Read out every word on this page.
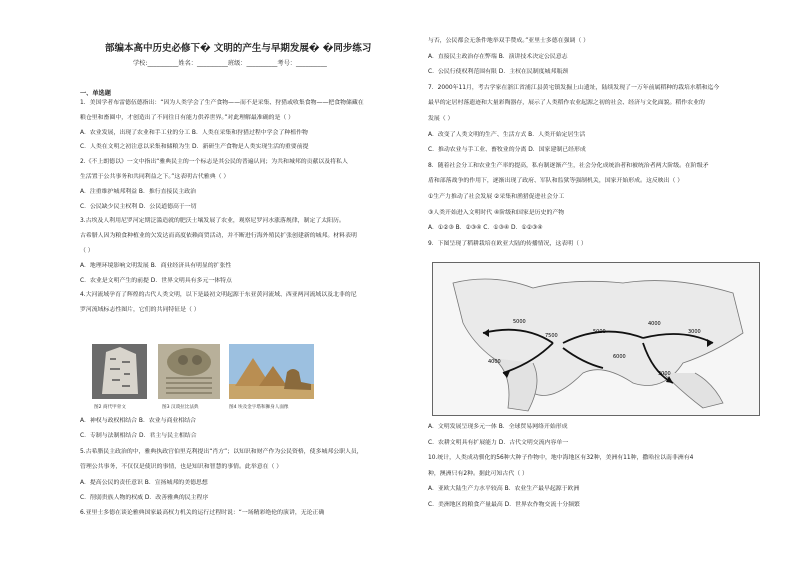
部编本高中历史必修下� 文明的产生与早期发展� �同步练习
学校:__________姓名：__________班级：__________考号：__________
一、单选题
1．美国学者布雷德伍德指出：“因为人类学会了生产食物——而不是采集、狩猎或收集食物——把食物储藏在
粮仓里和畜圈中，才创造出了不同往日有能力供养世界。”对此理解最准确的是（ ）
A．农业发展，出现了农业和手工业的分工 B．人类在采集和狩猎过程中学会了种植作物
C．人类在文明之初注意以采集和储粮为生 D．新研生产食物是人类实现生活的重要前提
2.《不上朗德以》一文中指出“雅典民主的一个标志是其公民的普遍认同；为共和城邦的贡献以及将私人
生活置于公共事务和共同利益之下。”这表明古代雅典（ ）
A．注重维护城邦利益 B．推行直接民主政治
C．公民缺少民主权利 D．公民道德高于一切
3.古埃及人利用尼罗河定期泛滥造就的肥沃土壤发展了农业，观察尼罗河水涨落规律，制定了太阳历。
古希腊人因为粮食种植业的欠发达而高度依赖商贸活动，并不断进行海外殖民扩张创建新的城邦。材料表明
（ ）
A．地理环境影响文明发展 B．商业经济具有明显的扩张性
C．农业是文明产生的前提 D．世界文明具有多元一体特点
4.大河流域孕育了辉煌的古代人类文明，以下是最初文明起源于东亚黄河流域、西亚两河流域以及北非的尼
罗河流域标志性图片，它们的共同特征是（ ）
图2 商代甲骨文	图3 汉谟拉比法典	图4 埃及金字塔和狮身人面像
A．神权与政权相结合 B．农业与商业相结合
C．专制与法制相结合 D．君主与民主相结合
5.古希腊民主政治的中，雅典执政官伯里克利提出“肖方”；以知识和财产作为公民资格，使多城邦公职人员，
管理公共事务，不仅仅是使识的事情，也是知识和智慧的事情。此举意在（ ）
A．提高公民的责任意识 B．宣扬城邦的美德思想
C．削弱贵族人物的权威 D．改善雅典的民主程序
6.亚里士多德在谈论雅典国家最高权力机关的运行过程时说：“一场精彩绝伦的演讲，无论正确
与否，公民都会无条件地举双手赞成。”亚里士多德在强调（ ）
A．直接民主政治存在弊端 B．演讲技术决定公民意志
C．公民行使权利范围有限 D．主权在民制度城邦瓶颈
7．2000年11月，考古学家在浙江省浦江县黄宅镇发掘上山遗址，陆续发现了一万年前属稻种的栽培水稻和迄今
最早的定居村落遗迹和大量彩陶器存，展示了人类稻作农业起源之初的社会、经济与文化面貌。稻作农业的
发展（ ）
A．改变了人类文明的生产、生活方式 B．人类开始定居生活
C．推动农业与手工业、畜牧业的分离 D．国家建制已经形成
8．随着社会分工和农业生产率的提高，私有制逐渐产生，社会分化成统治者和被统治者两大阶级。在阶级矛
盾和部落战争的作用下，逐渐出现了政府、军队和监狱等强制机关，国家开始形成。这反映出（ ）
①生产力推动了社会发展 ②采集和渔猎促进社会分工
③人类开始进入文明时代 ④阶级和国家是历史的产物
A．①②③ B．②③④ C．①③④ D．①②③④
9．下图呈现了稻耕栽培在欧亚大陆的传播情况，这表明（ ）
7500
5000
4000
5000
6000
4000
3000
3000
A．文明发展呈现多元一体 B．全球贸易网络开始形成
C．农耕文明具有扩展能力 D．古代文明交流内容单一
10.统计，人类成功驯化的56种大种子作物中，地中海地区有32种，美洲有11种，撒哈拉以南非洲有4
种，澳洲只有2种。据此可知古代（ ）
A．亚欧大陆生产力水平较高 B．农业生产最早起源于欧洲
C．美洲地区的粮食产量最高 D．世界农作物交流十分频繁
